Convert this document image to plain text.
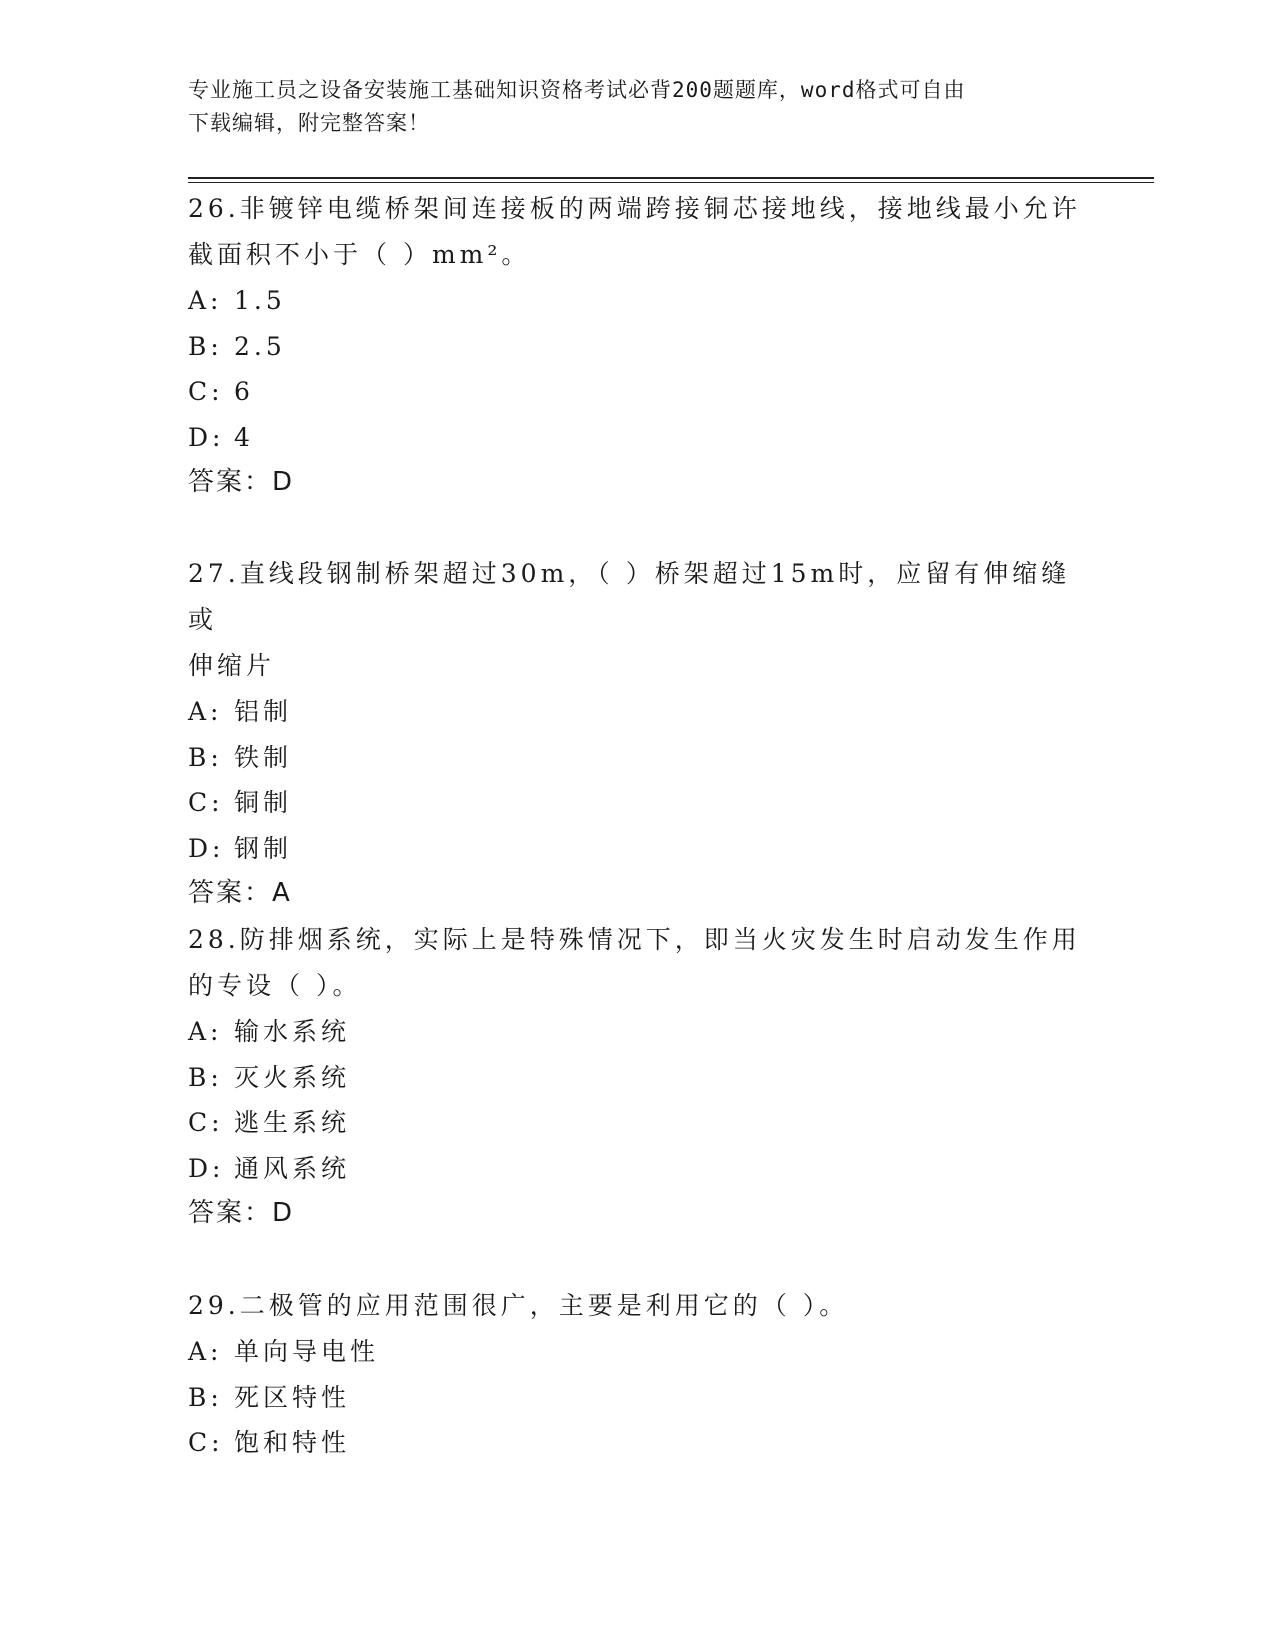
专业施工员之设备安装施工基础知识资格考试必背200题题库，word格式可自由
下载编辑，附完整答案！

26.非镀锌电缆桥架间连接板的两端跨接铜芯接地线，接地线最小允许

截面积不小于（ ）mm²。

A: 1.5
B: 2.5
C: 6
D: 4
答案：D

27.直线段钢制桥架超过30m，（ ）桥架超过15m时，应留有伸缩缝或

伸缩片

A: 铝制
B: 铁制
C: 铜制
D: 钢制
答案：A

28.防排烟系统，实际上是特殊情况下，即当火灾发生时启动发生作用

的专设（ ）。

A: 输水系统
B: 灭火系统
C: 逃生系统
D: 通风系统
答案：D

29.二极管的应用范围很广，主要是利用它的（ ）。

A: 单向导电性
B: 死区特性
C: 饱和特性
